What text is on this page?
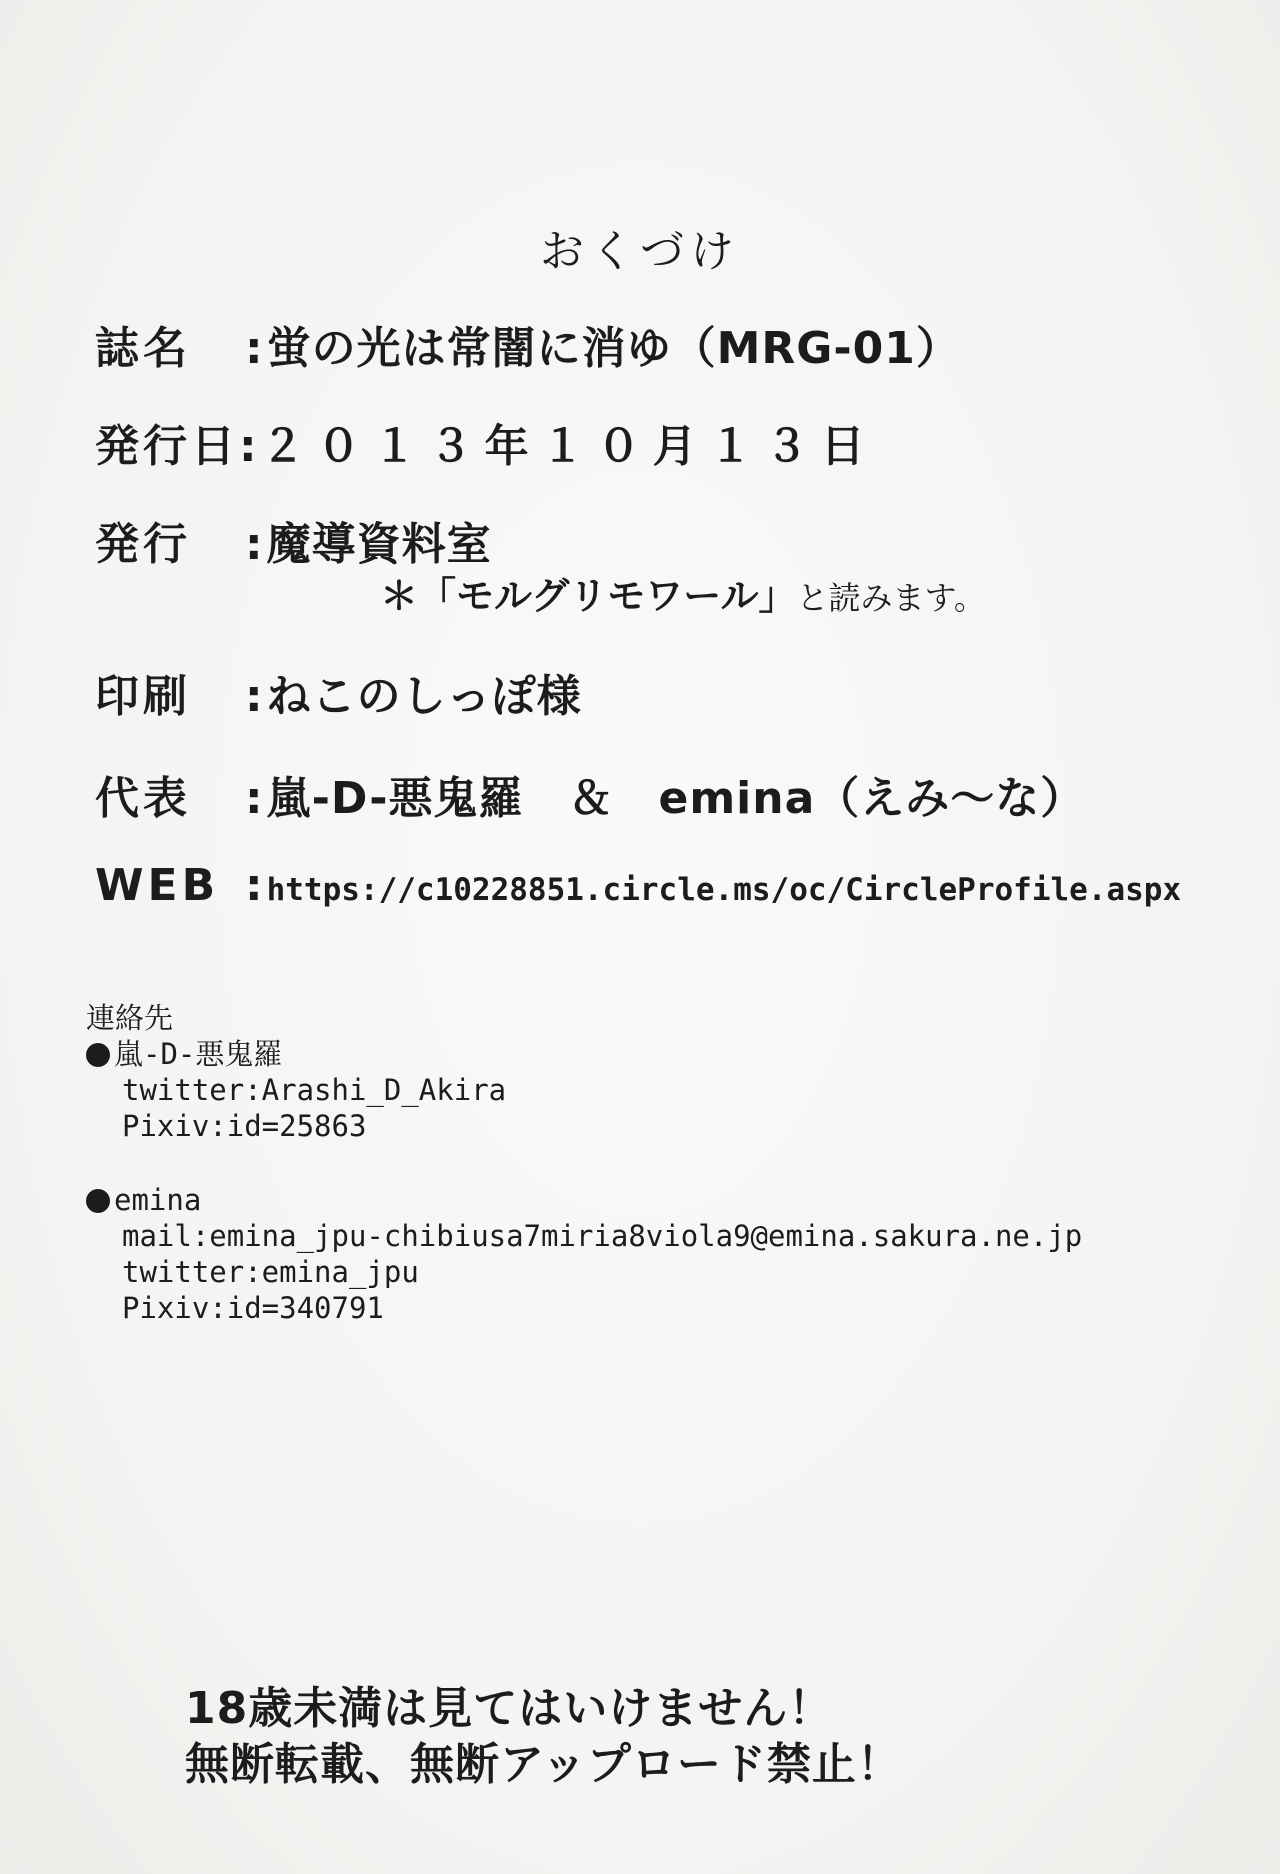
おくづけ
誌名	: 蛍の光は常闇に消ゆ（MRG-01）
発行日 : ２０１３年１０月１３日
発行	: 魔導資料室
＊「モルグリモワール」と読みます。
印刷	: ねこのしっぽ様
代表	: 嵐-D-悪鬼羅　＆　emina（えみ～な）
WEB : https://c10228851.circle.ms/oc/CircleProfile.aspx
連絡先
嵐-D-悪鬼羅
twitter:Arashi_D_Akira
Pixiv:id=25863
emina
mail:emina_jpu-chibiusa7miria8viola9@emina.sakura.ne.jp
twitter:emina_jpu
Pixiv:id=340791
18歳未満は見てはいけません！
無断転載、無断アップロード禁止！
